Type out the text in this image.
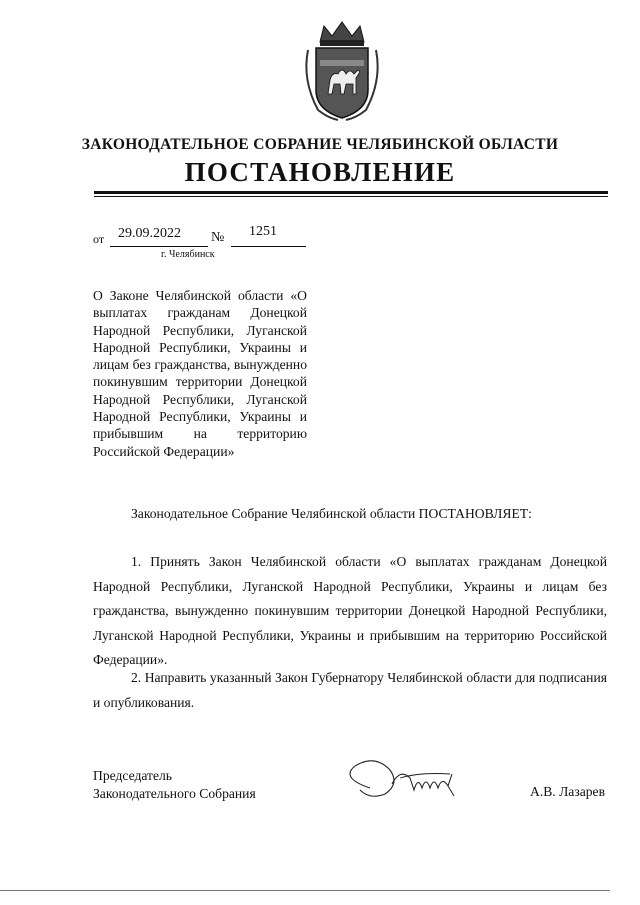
ЗАКОНОДАТЕЛЬНОЕ СОБРАНИЕ ЧЕЛЯБИНСКОЙ ОБЛАСТИ
ПОСТАНОВЛЕНИЕ
от 29.09.2022 № 1251
г. Челябинск
О Законе Челябинской области «О выплатах гражданам Донецкой Народной Республики, Луганской Народной Республики, Украины и лицам без гражданства, вынужденно покинувшим территории Донецкой Народной Республики, Луганской Народной Республики, Украины и прибывшим на территорию Российской Федерации»
Законодательное Собрание Челябинской области ПОСТАНОВЛЯЕТ:
1. Принять Закон Челябинской области «О выплатах гражданам Донецкой Народной Республики, Луганской Народной Республики, Украины и лицам без гражданства, вынужденно покинувшим территории Донецкой Народной Республики, Луганской Народной Республики, Украины и прибывшим на территорию Российской Федерации».
2. Направить указанный Закон Губернатору Челябинской области для подписания и опубликования.
Председатель
Законодательного Собрания	А.В. Лазарев
